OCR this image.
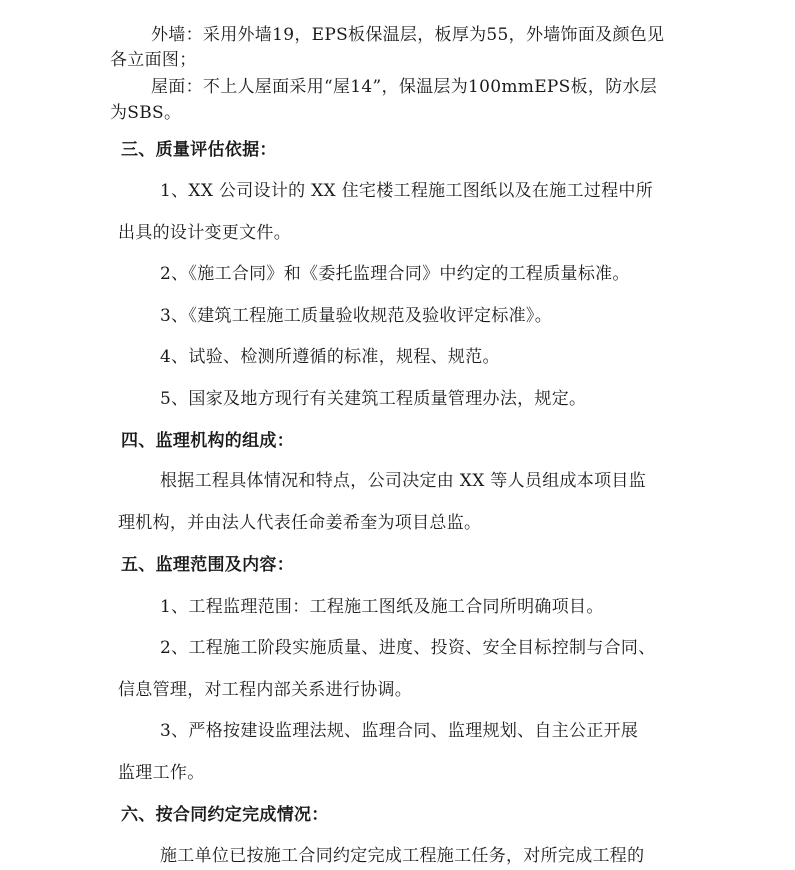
外墙：采用外墙19，EPS板保温层，板厚为55，外墙饰面及颜色见
各立面图；
屋面：不上人屋面采用“屋14”，保温层为100mmEPS板，防水层
为SBS。
三、质量评估依据：
1、XX 公司设计的 XX 住宅楼工程施工图纸以及在施工过程中所
出具的设计变更文件。
2、《施工合同》和《委托监理合同》中约定的工程质量标准。
3、《建筑工程施工质量验收规范及验收评定标准》。
4、试验、检测所遵循的标准，规程、规范。
5、国家及地方现行有关建筑工程质量管理办法，规定。
四、监理机构的组成：
根据工程具体情况和特点，公司决定由 XX 等人员组成本项目监
理机构，并由法人代表任命姜希奎为项目总监。
五、监理范围及内容：
1、工程监理范围：工程施工图纸及施工合同所明确项目。
2、工程施工阶段实施质量、进度、投资、安全目标控制与合同、
信息管理，对工程内部关系进行协调。
3、严格按建设监理法规、监理合同、监理规划、自主公正开展
监理工作。
六、按合同约定完成情况：
施工单位已按施工合同约定完成工程施工任务，对所完成工程的
